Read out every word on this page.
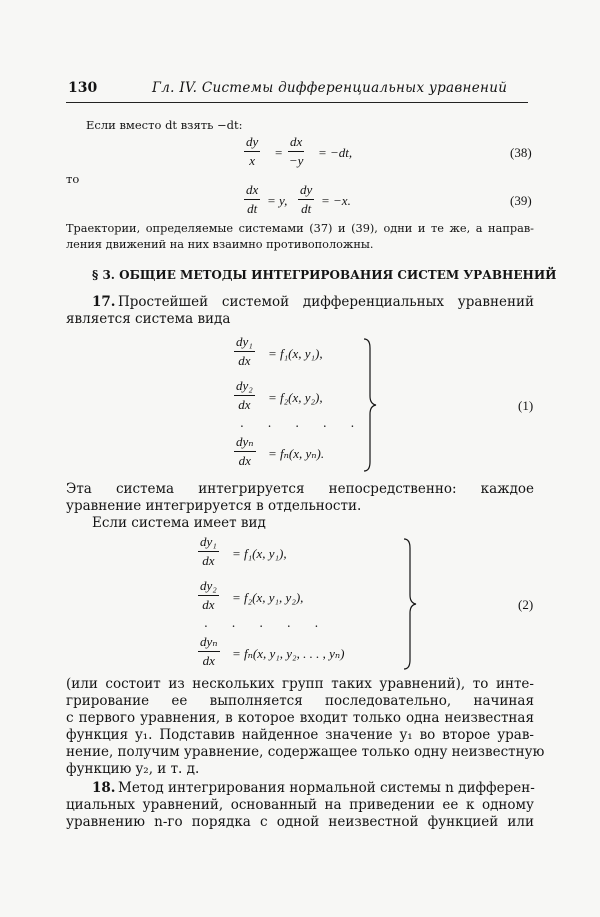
130	Гл. IV. Системы дифференциальных уравнений
Если вместо dt взять −dt:
$\frac{dy}{x} = \frac{dx}{-y} = -dt$,	(38)
то
$\frac{dx}{dt} = y$, $\frac{dy}{dt} = -x$.	(39)
Траектории, определяемые системами (37) и (39), одни и те же, а направ-
ления движений на них взаимно противоположны.
§ 3. ОБЩИЕ МЕТОДЫ ИНТЕГРИРОВАНИЯ СИСТЕМ УРАВНЕНИЙ
17. Простейшей системой дифференциальных уравнений
является система вида
$\frac{\text{dy₁}}{dx} = f_1(x$, y₁),
$\frac{\text{dy₂}}{dx} = f_2(x$, y₂),
. . . . .
dyₙ
dx	= fₙ(x, yₙ).
(1)
Эта система интегрируется непосредственно: каждое
уравнение интегрируется в отдельности.
Если система имеет вид
$\frac{\text{dy₁}}{dx} = f_1(x$, y₁),
$\frac{\text{dy₂}}{dx} = f_2(x$, y₁, y₂),
. . . . .
dyₙ
dx	= fₙ(x, y₁, y₂, . . . , yₙ)
(2)
(или состоит из нескольких групп таких уравнений), то инте-
грирование ее выполняется последовательно, начиная
с первого уравнения, в которое входит только одна неизвестная
функция y₁. Подставив найденное значение y₁ во второе урав-
нение, получим уравнение, содержащее только одну неизвестную
функцию y₂, и т. д.
18. Метод интегрирования нормальной системы n дифферен-
циальных уравнений, основанный на приведении ее к одному
уравнению n-го порядка с одной неизвестной функцией или
